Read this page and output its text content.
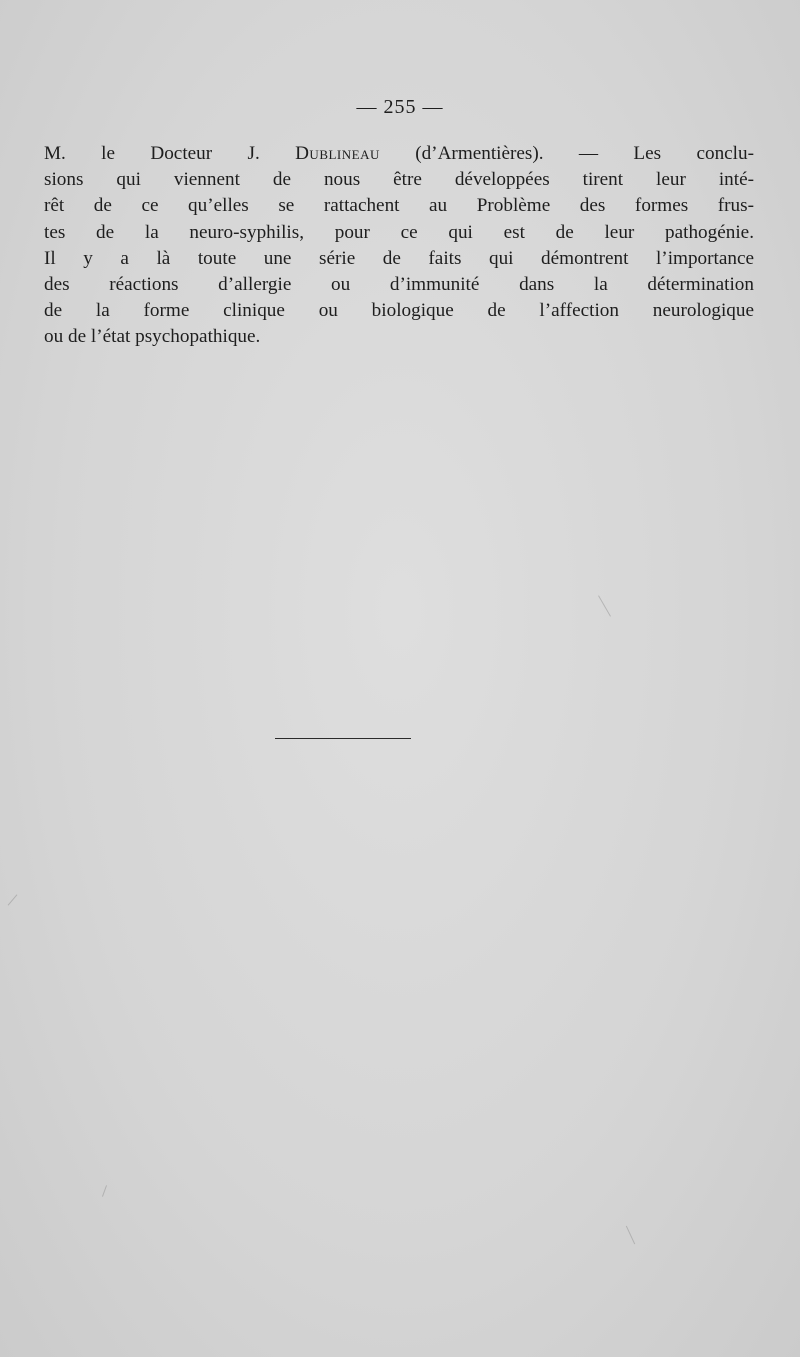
— 255 —

M. le Docteur J. Dublineau (d’Armentières). — Les conclu-
sions qui viennent de nous être développées tirent leur inté-
rêt de ce qu’elles se rattachent au Problème des formes frus-
tes de la neuro-syphilis, pour ce qui est de leur pathogénie.
Il y a là toute une série de faits qui démontrent l’importance
des réactions d’allergie ou d’immunité dans la détermination
de la forme clinique ou biologique de l’affection neurologique
ou de l’état psychopathique.
